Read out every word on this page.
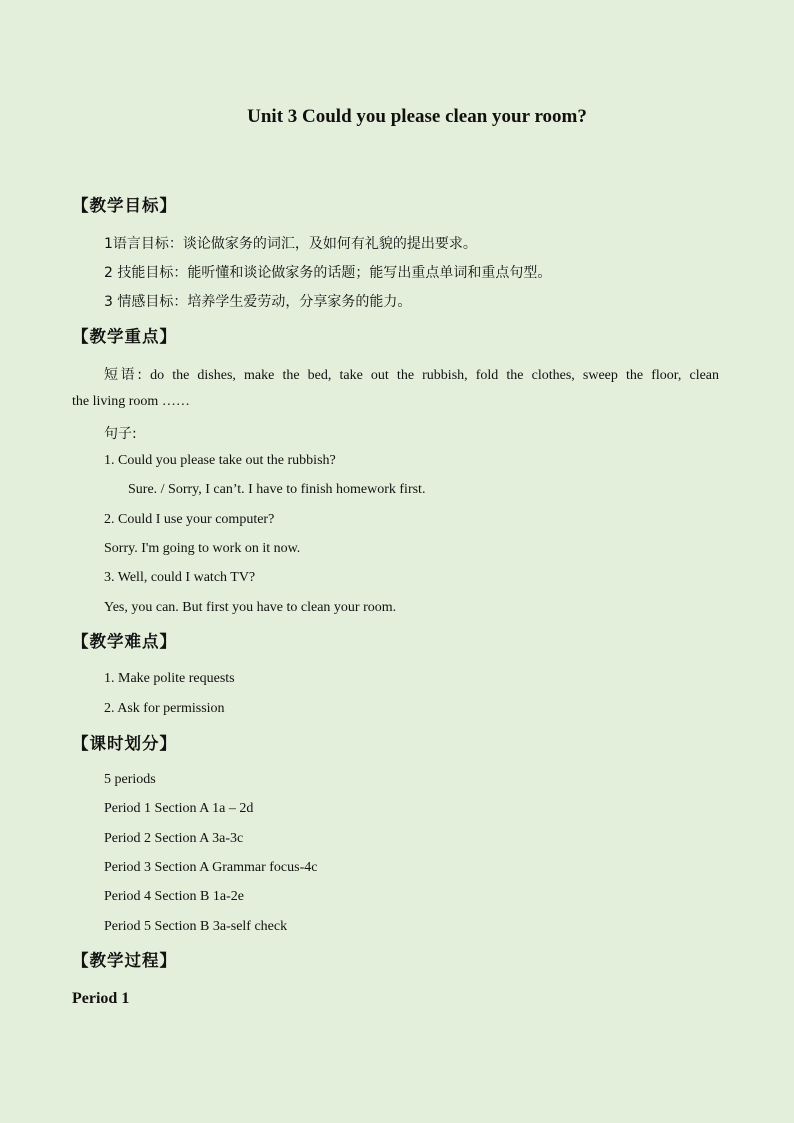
Unit 3 Could you please clean your room?
【教学目标】
1语言目标：谈论做家务的词汇，及如何有礼貌的提出要求。
2 技能目标：能听懂和谈论做家务的话题；能写出重点单词和重点句型。
3 情感目标：培养学生爱劳动，分享家务的能力。
【教学重点】
短语: do the dishes, make the bed, take out the rubbish, fold the clothes, sweep the floor, clean
the living room ……
句子:
1. Could you please take out the rubbish?
Sure. / Sorry, I can’t. I have to finish homework first.
2. Could I use your computer?
Sorry. I'm going to work on it now.
3. Well, could I watch TV?
Yes, you can. But first you have to clean your room.
【教学难点】
1. Make polite requests
2. Ask for permission
【课时划分】
5 periods
Period 1 Section A 1a – 2d
Period 2 Section A 3a-3c
Period 3 Section A Grammar focus-4c
Period 4 Section B 1a-2e
Period 5 Section B 3a-self check
【教学过程】
Period 1
